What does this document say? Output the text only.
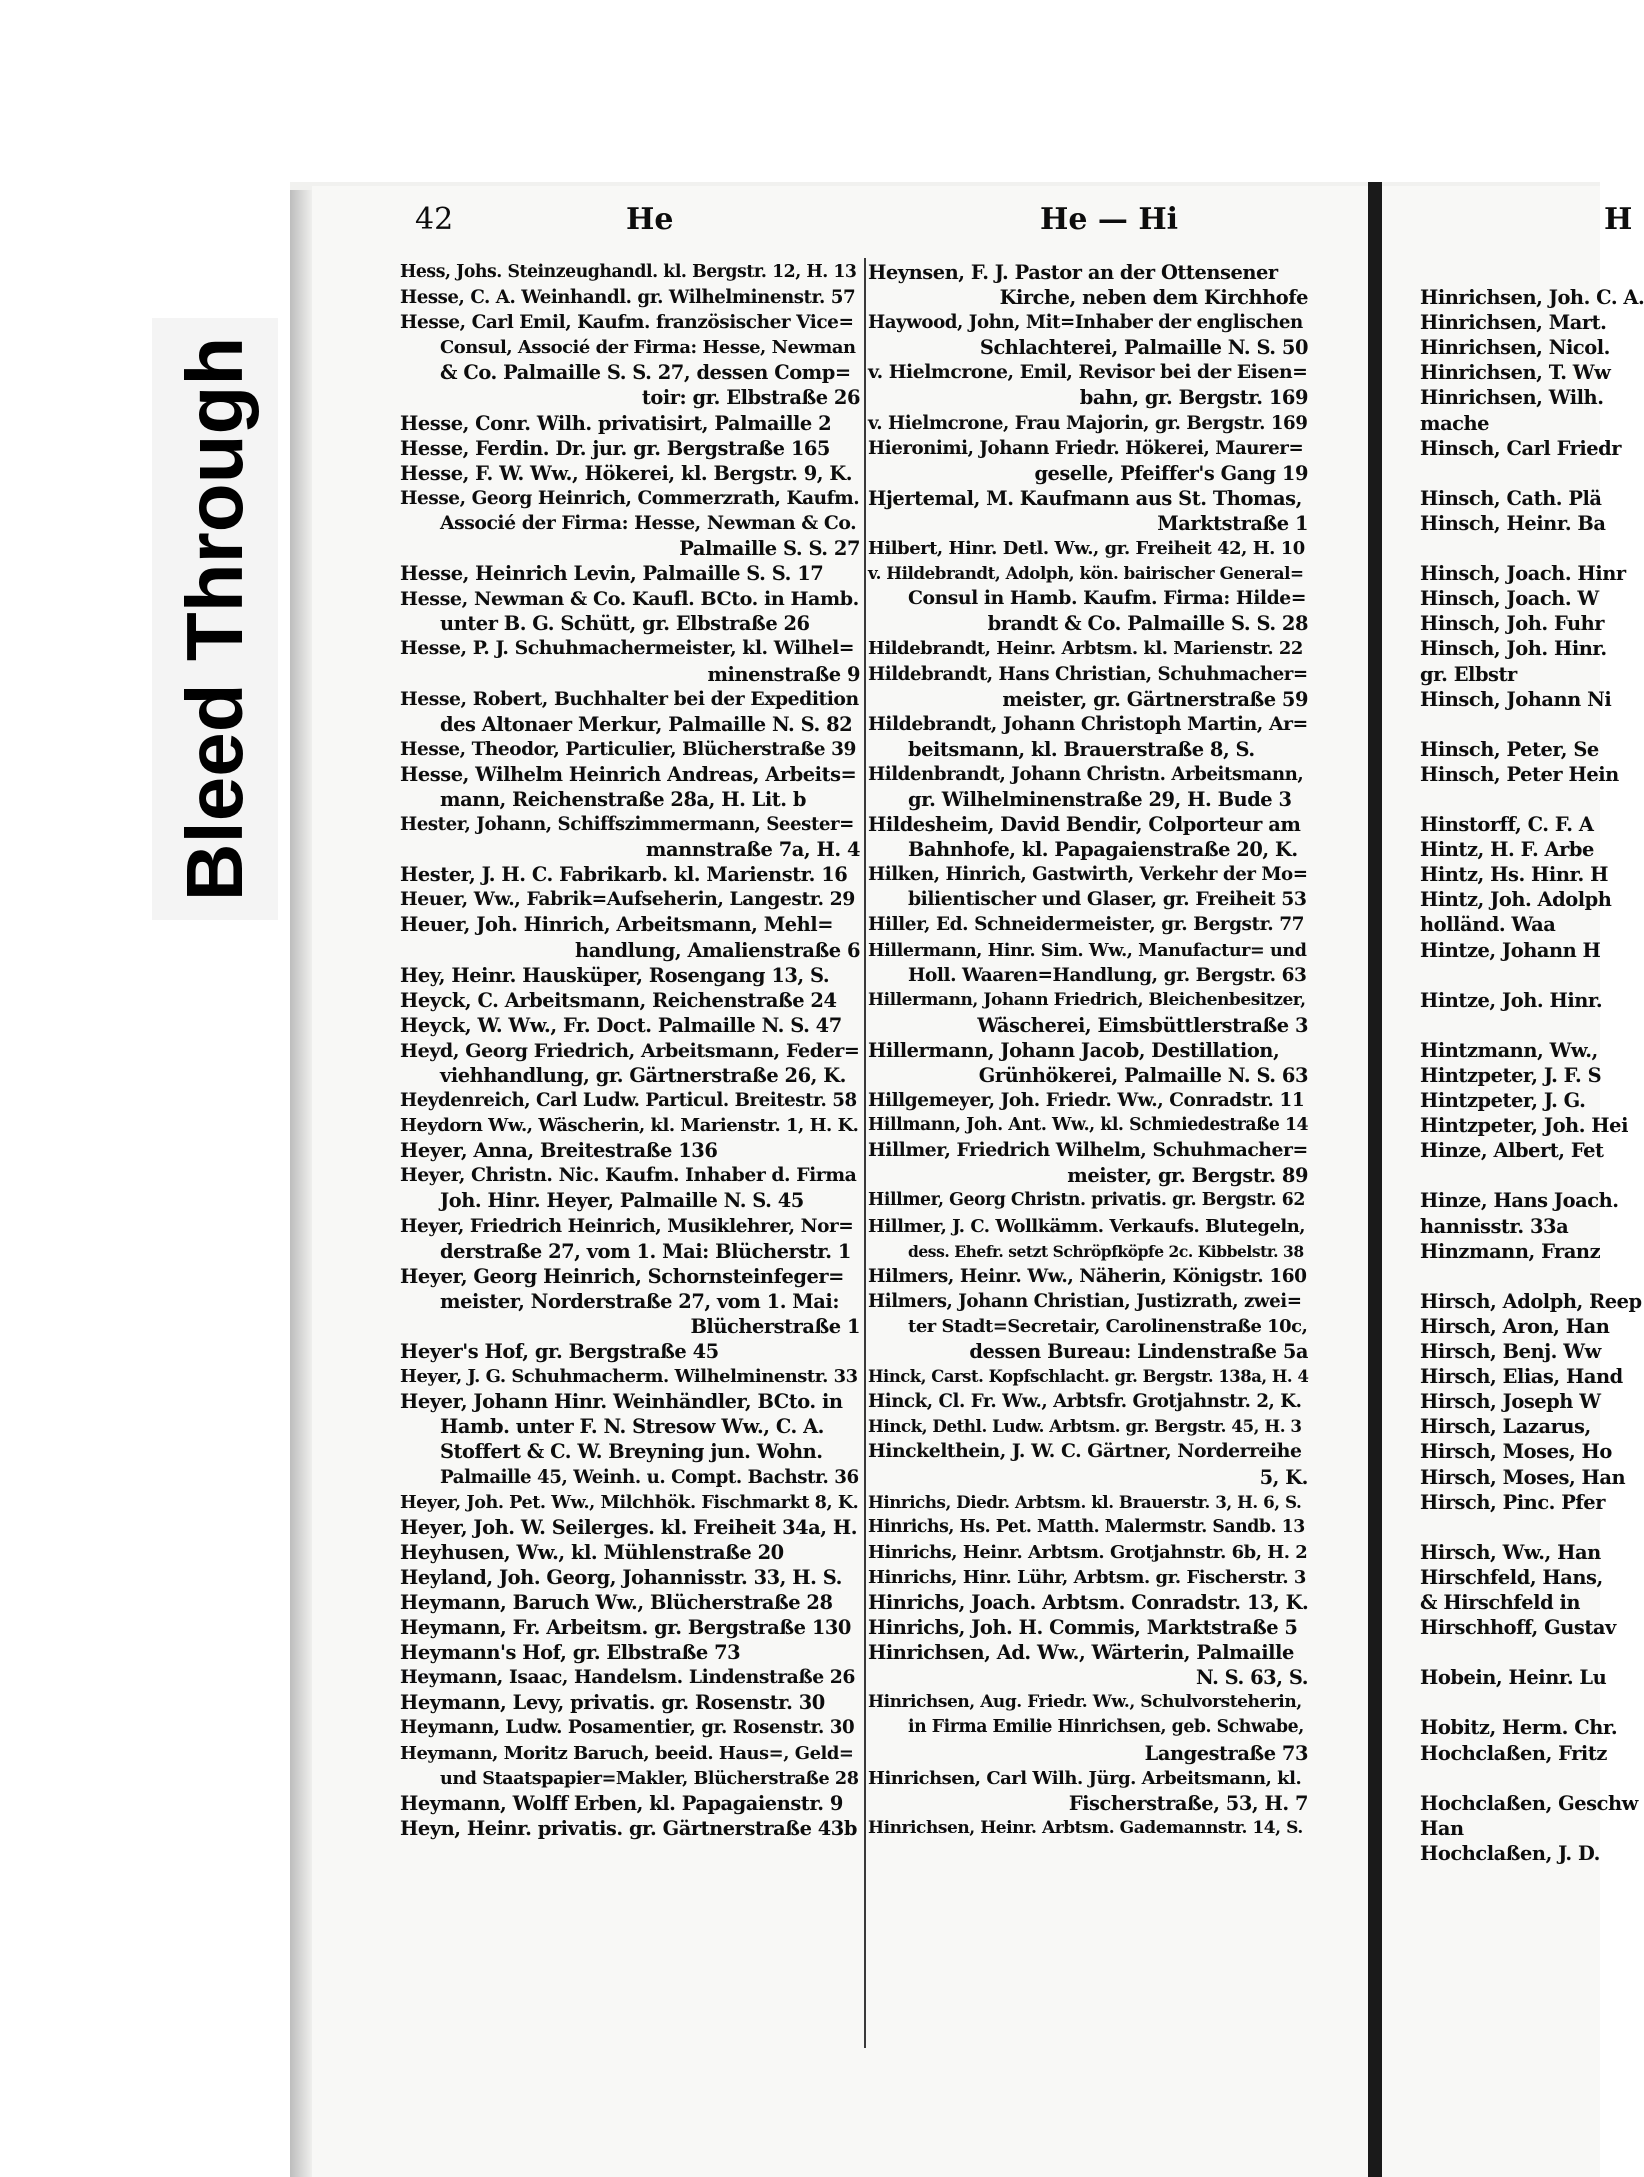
Bleed Through
42	He	He — Hi	H
Hess, Johs. Steinzeughandl. kl. Bergstr. 12, H. 13
Hesse, C. A. Weinhandl. gr. Wilhelminenstr. 57
Hesse, Carl Emil, Kaufm. französischer Vice=
Consul, Associé der Firma: Hesse, Newman
& Co. Palmaille S. S. 27, dessen Comp=
toir: gr. Elbstraße 26
Hesse, Conr. Wilh. privatisirt, Palmaille 2
Hesse, Ferdin. Dr. jur. gr. Bergstraße 165
Hesse, F. W. Ww., Hökerei, kl. Bergstr. 9, K.
Hesse, Georg Heinrich, Commerzrath, Kaufm.
Associé der Firma: Hesse, Newman & Co.
Palmaille S. S. 27
Hesse, Heinrich Levin, Palmaille S. S. 17
Hesse, Newman & Co. Kaufl. BCto. in Hamb.
unter B. G. Schütt, gr. Elbstraße 26
Hesse, P. J. Schuhmachermeister, kl. Wilhel=
minenstraße 9
Hesse, Robert, Buchhalter bei der Expedition
des Altonaer Merkur, Palmaille N. S. 82
Hesse, Theodor, Particulier, Blücherstraße 39
Hesse, Wilhelm Heinrich Andreas, Arbeits=
mann, Reichenstraße 28a, H. Lit. b
Hester, Johann, Schiffszimmermann, Seester=
mannstraße 7a, H. 4
Hester, J. H. C. Fabrikarb. kl. Marienstr. 16
Heuer, Ww., Fabrik=Aufseherin, Langestr. 29
Heuer, Joh. Hinrich, Arbeitsmann, Mehl=
handlung, Amalienstraße 6
Hey, Heinr. Hausküper, Rosengang 13, S.
Heyck, C. Arbeitsmann, Reichenstraße 24
Heyck, W. Ww., Fr. Doct. Palmaille N. S. 47
Heyd, Georg Friedrich, Arbeitsmann, Feder=
viehhandlung, gr. Gärtnerstraße 26, K.
Heydenreich, Carl Ludw. Particul. Breitestr. 58
Heydorn Ww., Wäscherin, kl. Marienstr. 1, H. K.
Heyer, Anna, Breitestraße 136
Heyer, Christn. Nic. Kaufm. Inhaber d. Firma
Joh. Hinr. Heyer, Palmaille N. S. 45
Heyer, Friedrich Heinrich, Musiklehrer, Nor=
derstraße 27, vom 1. Mai: Blücherstr. 1
Heyer, Georg Heinrich, Schornsteinfeger=
meister, Norderstraße 27, vom 1. Mai:
Blücherstraße 1
Heyer's Hof, gr. Bergstraße 45
Heyer, J. G. Schuhmacherm. Wilhelminenstr. 33
Heyer, Johann Hinr. Weinhändler, BCto. in
Hamb. unter F. N. Stresow Ww., C. A.
Stoffert & C. W. Breyning jun. Wohn.
Palmaille 45, Weinh. u. Compt. Bachstr. 36
Heyer, Joh. Pet. Ww., Milchhök. Fischmarkt 8, K.
Heyer, Joh. W. Seilerges. kl. Freiheit 34a, H.
Heyhusen, Ww., kl. Mühlenstraße 20
Heyland, Joh. Georg, Johannisstr. 33, H. S.
Heymann, Baruch Ww., Blücherstraße 28
Heymann, Fr. Arbeitsm. gr. Bergstraße 130
Heymann's Hof, gr. Elbstraße 73
Heymann, Isaac, Handelsm. Lindenstraße 26
Heymann, Levy, privatis. gr. Rosenstr. 30
Heymann, Ludw. Posamentier, gr. Rosenstr. 30
Heymann, Moritz Baruch, beeid. Haus=, Geld=
und Staatspapier=Makler, Blücherstraße 28
Heymann, Wolff Erben, kl. Papagaienstr. 9
Heyn, Heinr. privatis. gr. Gärtnerstraße 43b
Heynsen, F. J. Pastor an der Ottensener
Kirche, neben dem Kirchhofe
Haywood, John, Mit=Inhaber der englischen
Schlachterei, Palmaille N. S. 50
v. Hielmcrone, Emil, Revisor bei der Eisen=
bahn, gr. Bergstr. 169
v. Hielmcrone, Frau Majorin, gr. Bergstr. 169
Hieronimi, Johann Friedr. Hökerei, Maurer=
geselle, Pfeiffer's Gang 19
Hjertemal, M. Kaufmann aus St. Thomas,
Marktstraße 1
Hilbert, Hinr. Detl. Ww., gr. Freiheit 42, H. 10
v. Hildebrandt, Adolph, kön. bairischer General=
Consul in Hamb. Kaufm. Firma: Hilde=
brandt & Co. Palmaille S. S. 28
Hildebrandt, Heinr. Arbtsm. kl. Marienstr. 22
Hildebrandt, Hans Christian, Schuhmacher=
meister, gr. Gärtnerstraße 59
Hildebrandt, Johann Christoph Martin, Ar=
beitsmann, kl. Brauerstraße 8, S.
Hildenbrandt, Johann Christn. Arbeitsmann,
gr. Wilhelminenstraße 29, H. Bude 3
Hildesheim, David Bendir, Colporteur am
Bahnhofe, kl. Papagaienstraße 20, K.
Hilken, Hinrich, Gastwirth, Verkehr der Mo=
bilientischer und Glaser, gr. Freiheit 53
Hiller, Ed. Schneidermeister, gr. Bergstr. 77
Hillermann, Hinr. Sim. Ww., Manufactur= und
Holl. Waaren=Handlung, gr. Bergstr. 63
Hillermann, Johann Friedrich, Bleichenbesitzer,
Wäscherei, Eimsbüttlerstraße 3
Hillermann, Johann Jacob, Destillation,
Grünhökerei, Palmaille N. S. 63
Hillgemeyer, Joh. Friedr. Ww., Conradstr. 11
Hillmann, Joh. Ant. Ww., kl. Schmiedestraße 14
Hillmer, Friedrich Wilhelm, Schuhmacher=
meister, gr. Bergstr. 89
Hillmer, Georg Christn. privatis. gr. Bergstr. 62
Hillmer, J. C. Wollkämm. Verkaufs. Blutegeln,
dess. Ehefr. setzt Schröpfköpfe 2c. Kibbelstr. 38
Hilmers, Heinr. Ww., Näherin, Königstr. 160
Hilmers, Johann Christian, Justizrath, zwei=
ter Stadt=Secretair, Carolinenstraße 10c,
dessen Bureau: Lindenstraße 5a
Hinck, Carst. Kopfschlacht. gr. Bergstr. 138a, H. 4
Hinck, Cl. Fr. Ww., Arbtsfr. Grotjahnstr. 2, K.
Hinck, Dethl. Ludw. Arbtsm. gr. Bergstr. 45, H. 3
Hinckelthein, J. W. C. Gärtner, Norderreihe
5, K.
Hinrichs, Diedr. Arbtsm. kl. Brauerstr. 3, H. 6, S.
Hinrichs, Hs. Pet. Matth. Malermstr. Sandb. 13
Hinrichs, Heinr. Arbtsm. Grotjahnstr. 6b, H. 2
Hinrichs, Hinr. Lühr, Arbtsm. gr. Fischerstr. 3
Hinrichs, Joach. Arbtsm. Conradstr. 13, K.
Hinrichs, Joh. H. Commis, Marktstraße 5
Hinrichsen, Ad. Ww., Wärterin, Palmaille
N. S. 63, S.
Hinrichsen, Aug. Friedr. Ww., Schulvorsteherin,
in Firma Emilie Hinrichsen, geb. Schwabe,
Langestraße 73
Hinrichsen, Carl Wilh. Jürg. Arbeitsmann, kl.
Fischerstraße, 53, H. 7
Hinrichsen, Heinr. Arbtsm. Gademannstr. 14, S.
Hinrichsen, Joh. C. A.
Hinrichsen, Mart.
Hinrichsen, Nicol.
Hinrichsen, T. Ww
Hinrichsen, Wilh.
mache
Hinsch, Carl Friedr
Hinsch, Cath. Plä
Hinsch, Heinr. Ba
Hinsch, Joach. Hinr
Hinsch, Joach. W
Hinsch, Joh. Fuhr
Hinsch, Joh. Hinr.
gr. Elbstr
Hinsch, Johann Ni
Hinsch, Peter, Se
Hinsch, Peter Hein
Hinstorff, C. F. A
Hintz, H. F. Arbe
Hintz, Hs. Hinr. H
Hintz, Joh. Adolph
holländ. Waa
Hintze, Johann H
Hintze, Joh. Hinr.
Hintzmann, Ww.,
Hintzpeter, J. F. S
Hintzpeter, J. G.
Hintzpeter, Joh. Hei
Hinze, Albert, Fet
Hinze, Hans Joach.
hannisstr. 33a
Hinzmann, Franz
Hirsch, Adolph, Reep
Hirsch, Aron, Han
Hirsch, Benj. Ww
Hirsch, Elias, Hand
Hirsch, Joseph W
Hirsch, Lazarus,
Hirsch, Moses, Ho
Hirsch, Moses, Han
Hirsch, Pinc. Pfer
Hirsch, Ww., Han
Hirschfeld, Hans,
& Hirschfeld in
Hirschhoff, Gustav
Hobein, Heinr. Lu
Hobitz, Herm. Chr.
Hochclaßen, Fritz
Hochclaßen, Geschw
Han
Hochclaßen, J. D.
